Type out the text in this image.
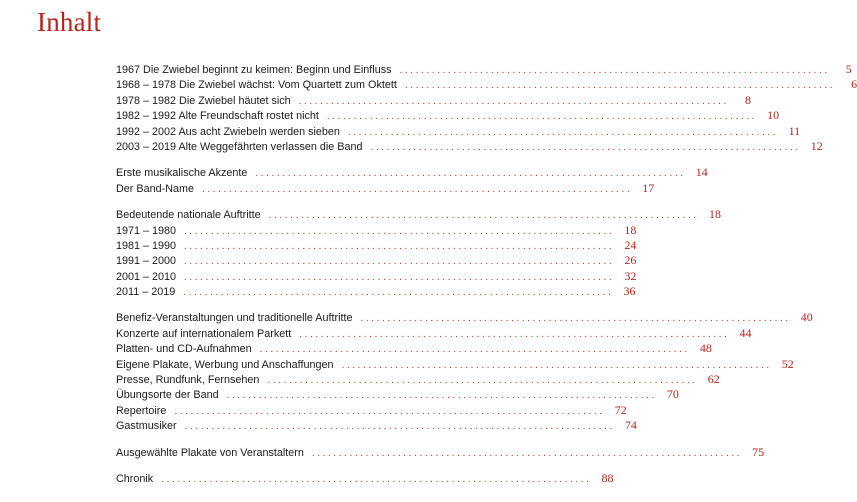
Inhalt
1967 Die Zwiebel beginnt zu keimen: Beginn und Einfluss ................................................................................	5
1968 – 1978 Die Zwiebel wächst: Vom Quartett zum Oktett ................................................................................	6
1978 – 1982 Die Zwiebel häutet sich ................................................................................	8
1982 – 1992 Alte Freundschaft rostet nicht ................................................................................ 10
1992 – 2002 Aus acht Zwiebeln werden sieben ................................................................................ 11
2003 – 2019 Alte Weggefährten verlassen die Band ................................................................................ 12
Erste musikalische Akzente ................................................................................ 14
Der Band-Name ................................................................................ 17
Bedeutende nationale Auftritte ................................................................................ 18
1971 – 1980 ................................................................................ 18
1981 – 1990 ................................................................................ 24
1991 – 2000 ................................................................................ 26
2001 – 2010 ................................................................................ 32
2011 – 2019 ................................................................................ 36
Benefiz-Veranstaltungen und traditionelle Auftritte ................................................................................ 40
Konzerte auf internationalem Parkett ................................................................................ 44
Platten- und CD-Aufnahmen ................................................................................ 48
Eigene Plakate, Werbung und Anschaffungen ................................................................................ 52
Presse, Rundfunk, Fernsehen ................................................................................ 62
Übungsorte der Band ................................................................................ 70
Repertoire ................................................................................ 72
Gastmusiker ................................................................................ 74
Ausgewählte Plakate von Veranstaltern ................................................................................ 75
Chronik ................................................................................ 88
